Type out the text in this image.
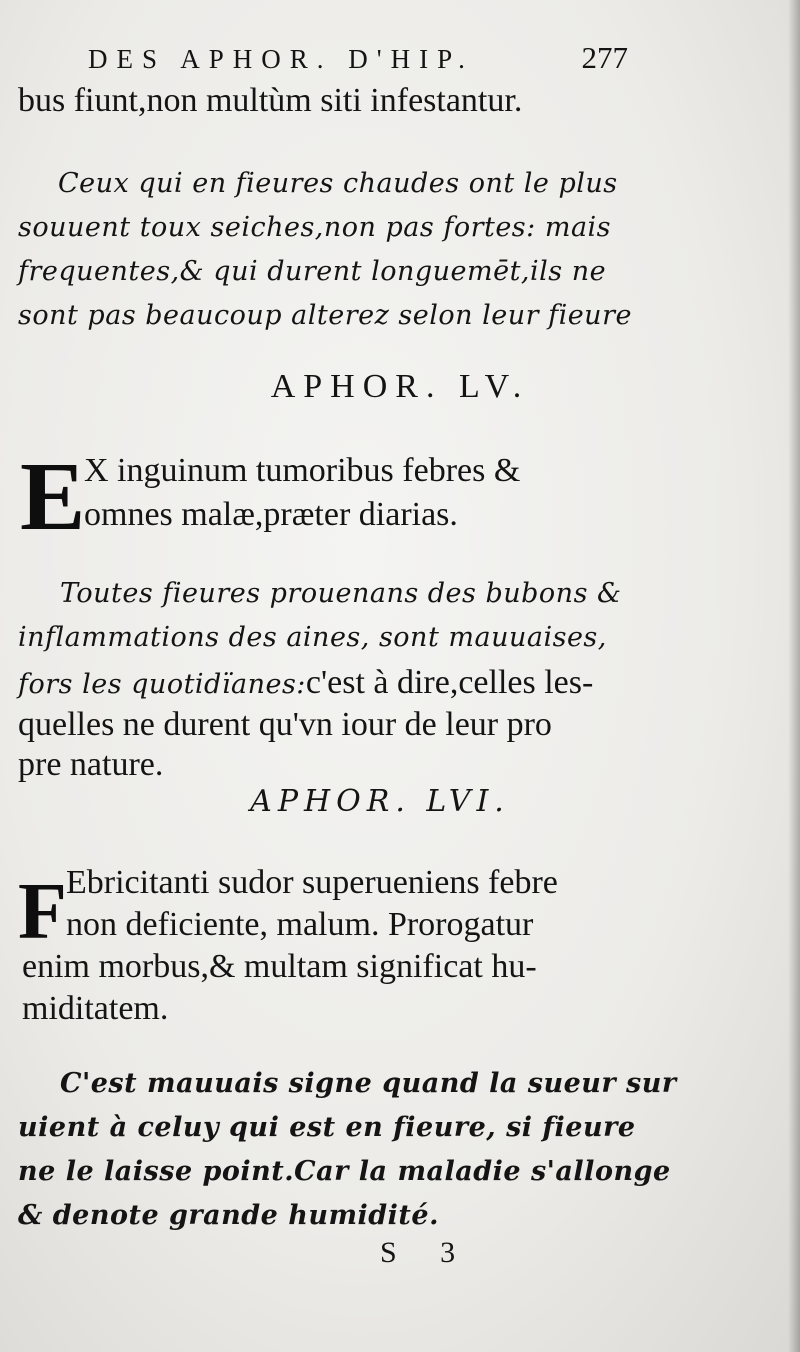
DES APHOR. D'HIP.	277
bus fiunt,non multùm siti infestantur.
Ceux qui en fieures chaudes ont le plus
souuent toux seiches,non pas fortes: mais
frequentes,& qui durent longuemēt,ils ne
sont pas beaucoup alterez selon leur fieure
APHOR. LV.
E
X inguinum tumoribus febres &
omnes malæ,præter diarias.
Toutes fieures prouenans des bubons &
inflammations des aines, sont mauuaises,
fors les quotidïanes:c'est à dire,celles les-
quelles ne durent qu'vn iour de leur pro
pre nature.
APHOR. LVI.
F Ebricitanti sudor superueniens febre
non deficiente, malum. Prorogatur
enim morbus,& multam significat hu-
miditatem.
C'est mauuais signe quand la sueur sur
uient à celuy qui est en fieure, si fieure
ne le laisse point.Car la maladie s'allonge
& denote grande humidité.
S 3
